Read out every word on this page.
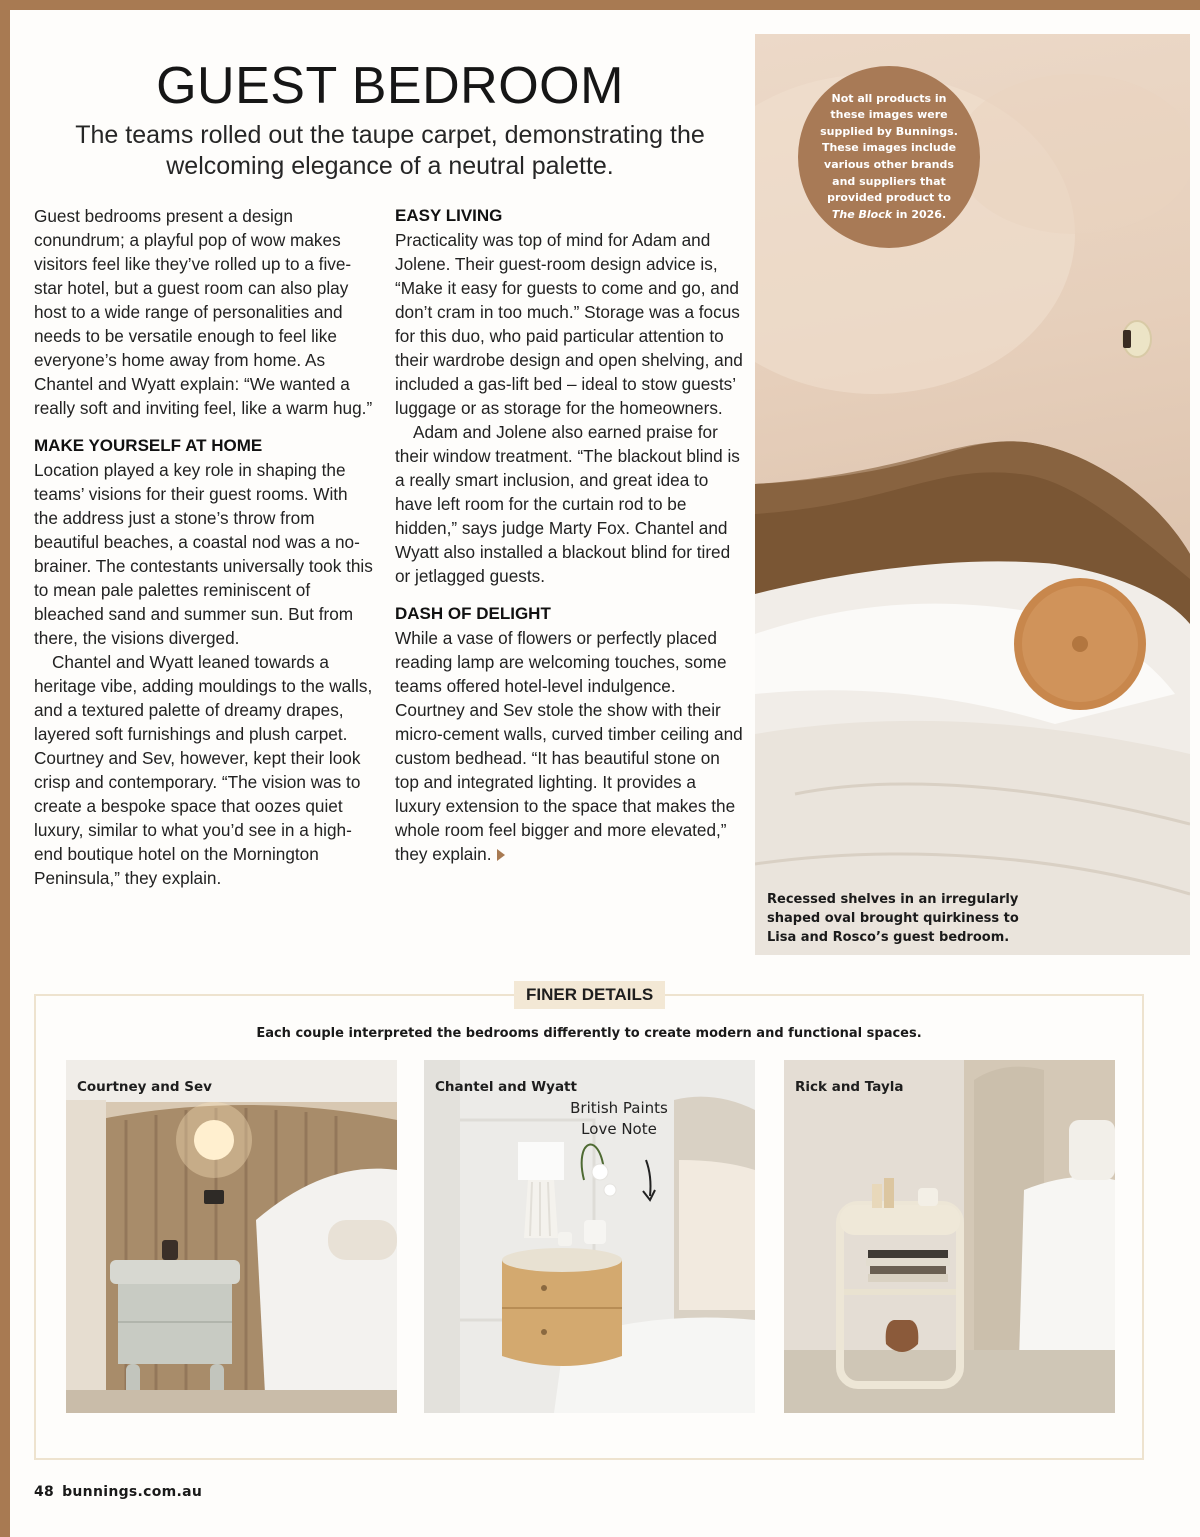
Not all products in these images were supplied by Bunnings. These images include various other brands and suppliers that provided product to The Block in 2026.
Recessed shelves in an irregularly shaped oval brought quirkiness to Lisa and Rosco’s guest bedroom.
GUEST BEDROOM
The teams rolled out the taupe carpet, demonstrating the welcoming elegance of a neutral palette.

Guest bedrooms present a design conundrum; a playful pop of wow makes visitors feel like they’ve rolled up to a five-star hotel, but a guest room can also play host to a wide range of personalities and needs to be versatile enough to feel like everyone’s home away from home. As Chantel and Wyatt explain: “We wanted a really soft and inviting feel, like a warm hug.”

MAKE YOURSELF AT HOME

Location played a key role in shaping the teams’ visions for their guest rooms. With the address just a stone’s throw from beautiful beaches, a coastal nod was a no-brainer. The contestants universally took this to mean pale palettes reminiscent of bleached sand and summer sun. But from there, the visions diverged.

Chantel and Wyatt leaned towards a heritage vibe, adding mouldings to the walls, and a textured palette of dreamy drapes, layered soft furnishings and plush carpet. Courtney and Sev, however, kept their look crisp and contemporary. “The vision was to create a bespoke space that oozes quiet luxury, similar to what you’d see in a high-end boutique hotel on the Mornington Peninsula,” they explain.

EASY LIVING

Practicality was top of mind for Adam and Jolene. Their guest-room design advice is, “Make it easy for guests to come and go, and don’t cram in too much.” Storage was a focus for this duo, who paid particular attention to their wardrobe design and open shelving, and included a gas-lift bed – ideal to stow guests’ luggage or as storage for the homeowners.

Adam and Jolene also earned praise for their window treatment. “The blackout blind is a really smart inclusion, and great idea to have left room for the curtain rod to be hidden,” says judge Marty Fox. Chantel and Wyatt also installed a blackout blind for tired or jetlagged guests.

DASH OF DELIGHT

While a vase of flowers or perfectly placed reading lamp are welcoming touches, some teams offered hotel-level indulgence. Courtney and Sev stole the show with their micro-cement walls, curved timber ceiling and custom bedhead. “It has beautiful stone on top and integrated lighting. It provides a luxury extension to the space that makes the whole room feel bigger and more elevated,” they explain.

FINER DETAILS
Each couple interpreted the bedrooms differently to create modern and functional spaces.
Courtney and Sev	Chantel and Wyatt
British Paints Love Note
Rick and Tayla
48 bunnings.com.au
